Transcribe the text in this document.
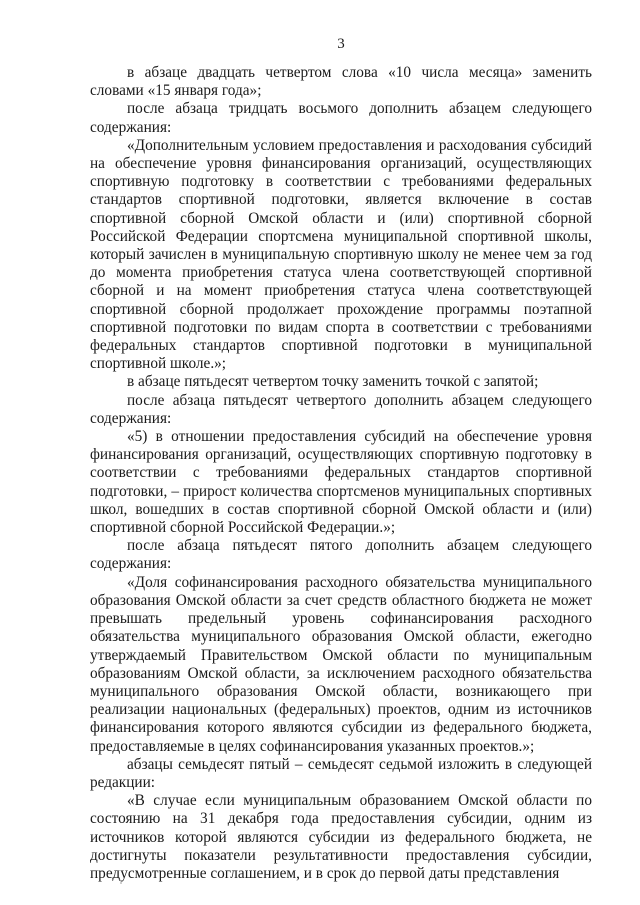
3

в абзаце двадцать четвертом слова «10 числа месяца» заменить словами «15 января года»;

после абзаца тридцать восьмого дополнить абзацем следующего содержания:

«Дополнительным условием предоставления и расходования субсидий на обеспечение уровня финансирования организаций, осуществляющих спортивную подготовку в соответствии с требованиями федеральных стандартов спортивной подготовки, является включение в состав спортивной сборной Омской области и (или) спортивной сборной Российской Федерации спортсмена муниципальной спортивной школы, который зачислен в муниципальную спортивную школу не менее чем за год до момента приобретения статуса члена соответствующей спортивной сборной и на момент приобретения статуса члена соответствующей спортивной сборной продолжает прохождение программы поэтапной спортивной подготовки по видам спорта в соответствии с требованиями федеральных стандартов спортивной подготовки в муниципальной спортивной школе.»;

в абзаце пятьдесят четвертом точку заменить точкой с запятой;

после абзаца пятьдесят четвертого дополнить абзацем следующего содержания:

«5) в отношении предоставления субсидий на обеспечение уровня финансирования организаций, осуществляющих спортивную подготовку в соответствии с требованиями федеральных стандартов спортивной подготовки, – прирост количества спортсменов муниципальных спортивных школ, вошедших в состав спортивной сборной Омской области и (или) спортивной сборной Российской Федерации.»;

после абзаца пятьдесят пятого дополнить абзацем следующего содержания:

«Доля софинансирования расходного обязательства муниципального образования Омской области за счет средств областного бюджета не может превышать предельный уровень софинансирования расходного обязательства муниципального образования Омской области, ежегодно утверждаемый Правительством Омской области по муниципальным образованиям Омской области, за исключением расходного обязательства муниципального образования Омской области, возникающего при реализации национальных (федеральных) проектов, одним из источников финансирования которого являются субсидии из федерального бюджета, предоставляемые в целях софинансирования указанных проектов.»;

абзацы семьдесят пятый – семьдесят седьмой изложить в следующей редакции:

«В случае если муниципальным образованием Омской области по состоянию на 31 декабря года предоставления субсидии, одним из источников которой являются субсидии из федерального бюджета, не достигнуты показатели результативности предоставления субсидии, предусмотренные соглашением, и в срок до первой даты представления
